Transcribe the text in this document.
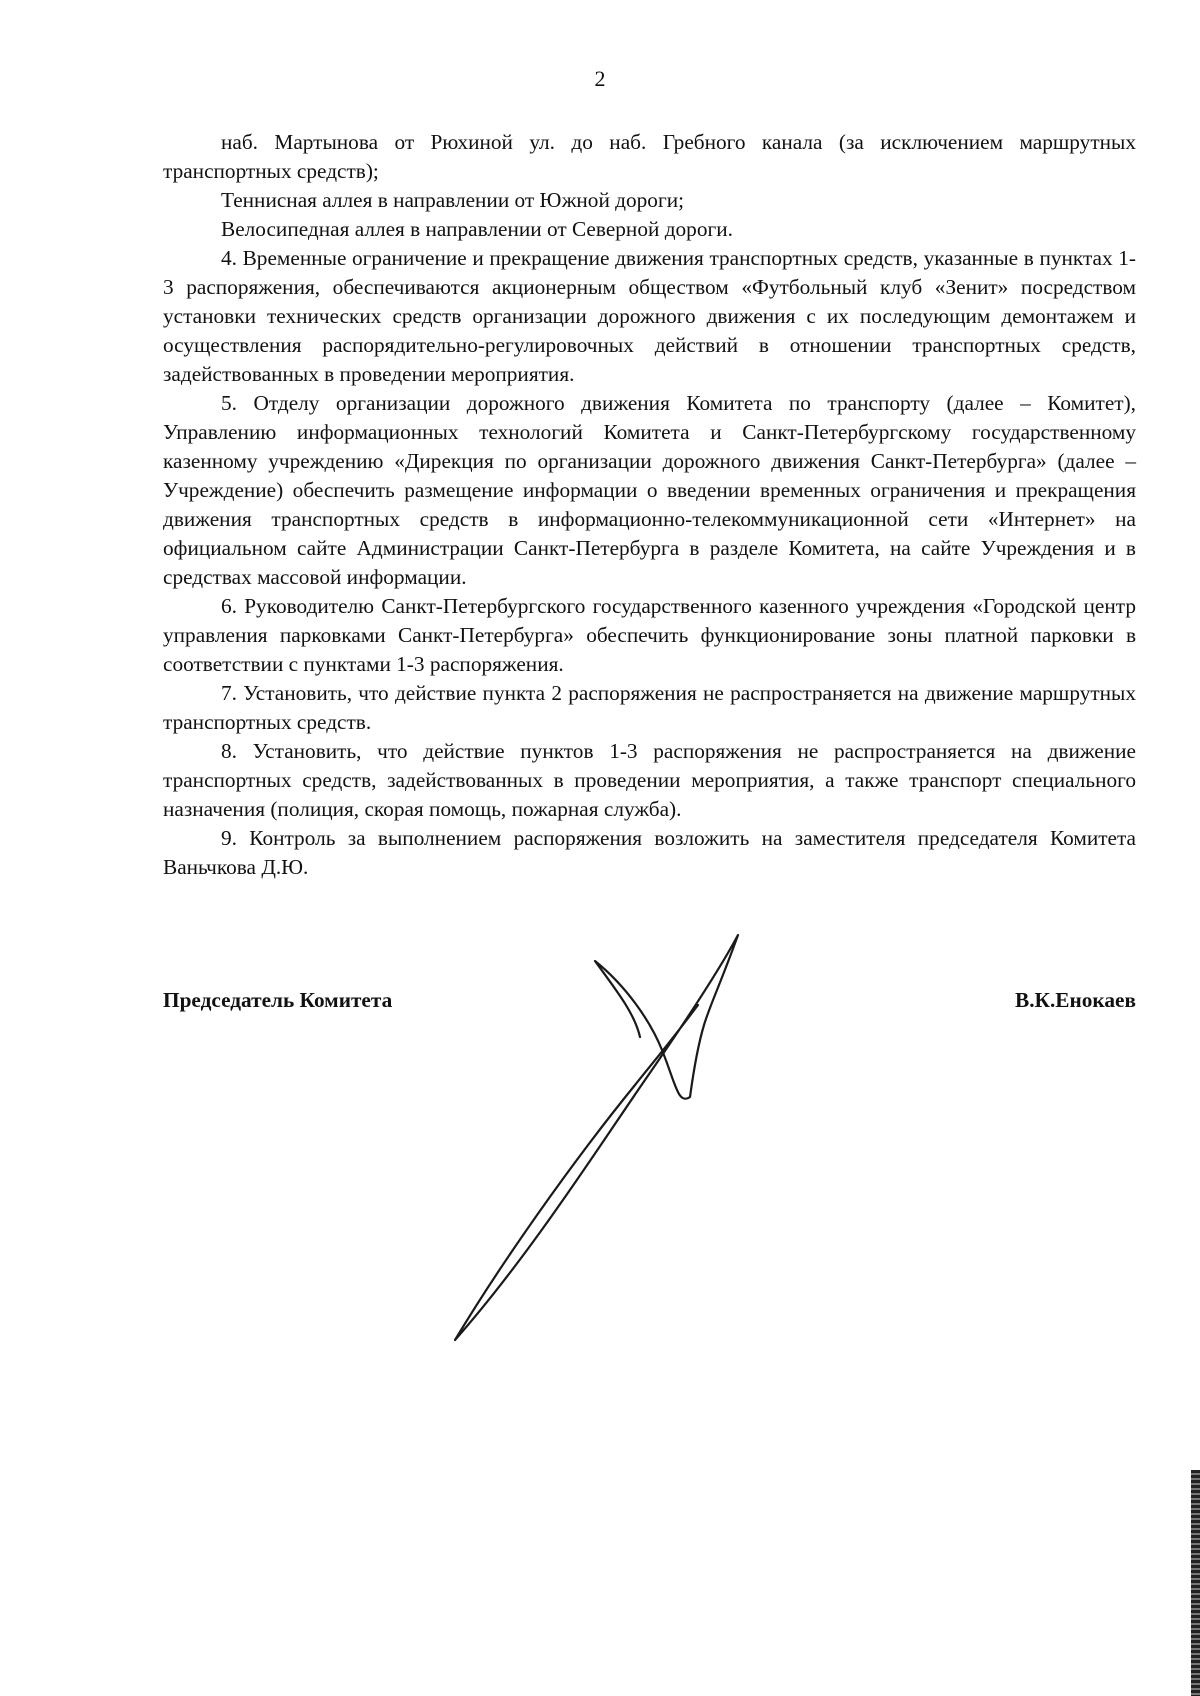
2

наб. Мартынова от Рюхиной ул. до наб. Гребного канала (за исключением маршрутных транспортных средств);

Теннисная аллея в направлении от Южной дороги;

Велосипедная аллея в направлении от Северной дороги.

4. Временные ограничение и прекращение движения транспортных средств, указанные в пунктах 1-3 распоряжения, обеспечиваются акционерным обществом «Футбольный клуб «Зенит» посредством установки технических средств организации дорожного движения с их последующим демонтажем и осуществления распорядительно-регулировочных действий в отношении транспортных средств, задействованных в проведении мероприятия.

5. Отделу организации дорожного движения Комитета по транспорту (далее – Комитет), Управлению информационных технологий Комитета и Санкт-Петербургскому государственному казенному учреждению «Дирекция по организации дорожного движения Санкт-Петербурга» (далее – Учреждение) обеспечить размещение информации о введении временных ограничения и прекращения движения транспортных средств в информационно-телекоммуникационной сети «Интернет» на официальном сайте Администрации Санкт-Петербурга в разделе Комитета, на сайте Учреждения и в средствах массовой информации.

6. Руководителю Санкт-Петербургского государственного казенного учреждения «Городской центр управления парковками Санкт-Петербурга» обеспечить функционирование зоны платной парковки в соответствии с пунктами 1-3 распоряжения.

7. Установить, что действие пункта 2 распоряжения не распространяется на движение маршрутных транспортных средств.

8. Установить, что действие пунктов 1-3 распоряжения не распространяется на движение транспортных средств, задействованных в проведении мероприятия, а также транспорт специального назначения (полиция, скорая помощь, пожарная служба).

9. Контроль за выполнением распоряжения возложить на заместителя председателя Комитета Ваньчкова Д.Ю.

Председатель Комитета	В.К.Енокаев
